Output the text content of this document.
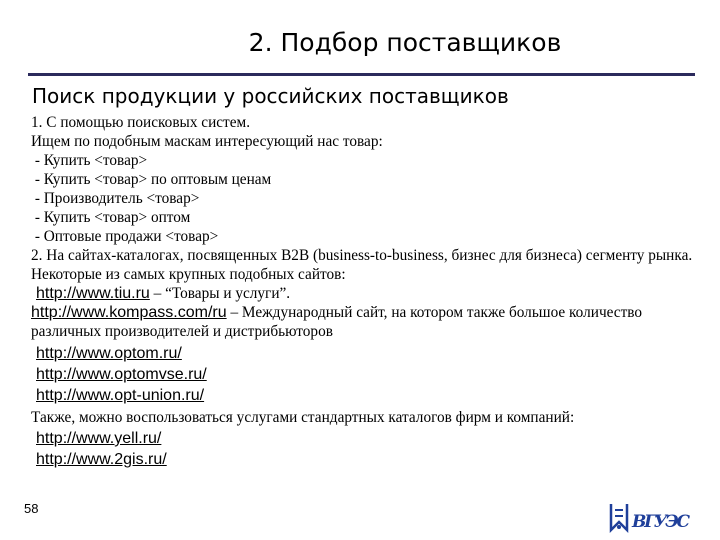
2. Подбор поставщиков
Поиск продукции у российских поставщиков
1. С помощью поисковых систем.
Ищем по подобным маскам интересующий нас товар:
- Купить <товар>
- Купить <товар> по оптовым ценам
- Производитель <товар>
- Купить <товар> оптом
- Оптовые продажи <товар>
2. На сайтах-каталогах, посвященных B2B (business-to-business, бизнес для бизнеса) сегменту рынка.
Некоторые из самых крупных подобных сайтов:
http://www.tiu.ru – “Товары и услуги”.
http://www.kompass.com/ru – Международный сайт, на котором также большое количество различных производителей и дистрибьюторов
http://www.optom.ru/
http://www.optomvse.ru/
http://www.opt-union.ru/
Также, можно воспользоваться услугами стандартных каталогов фирм и компаний:
http://www.yell.ru/
http://www.2gis.ru/
58
ВГУЭС
